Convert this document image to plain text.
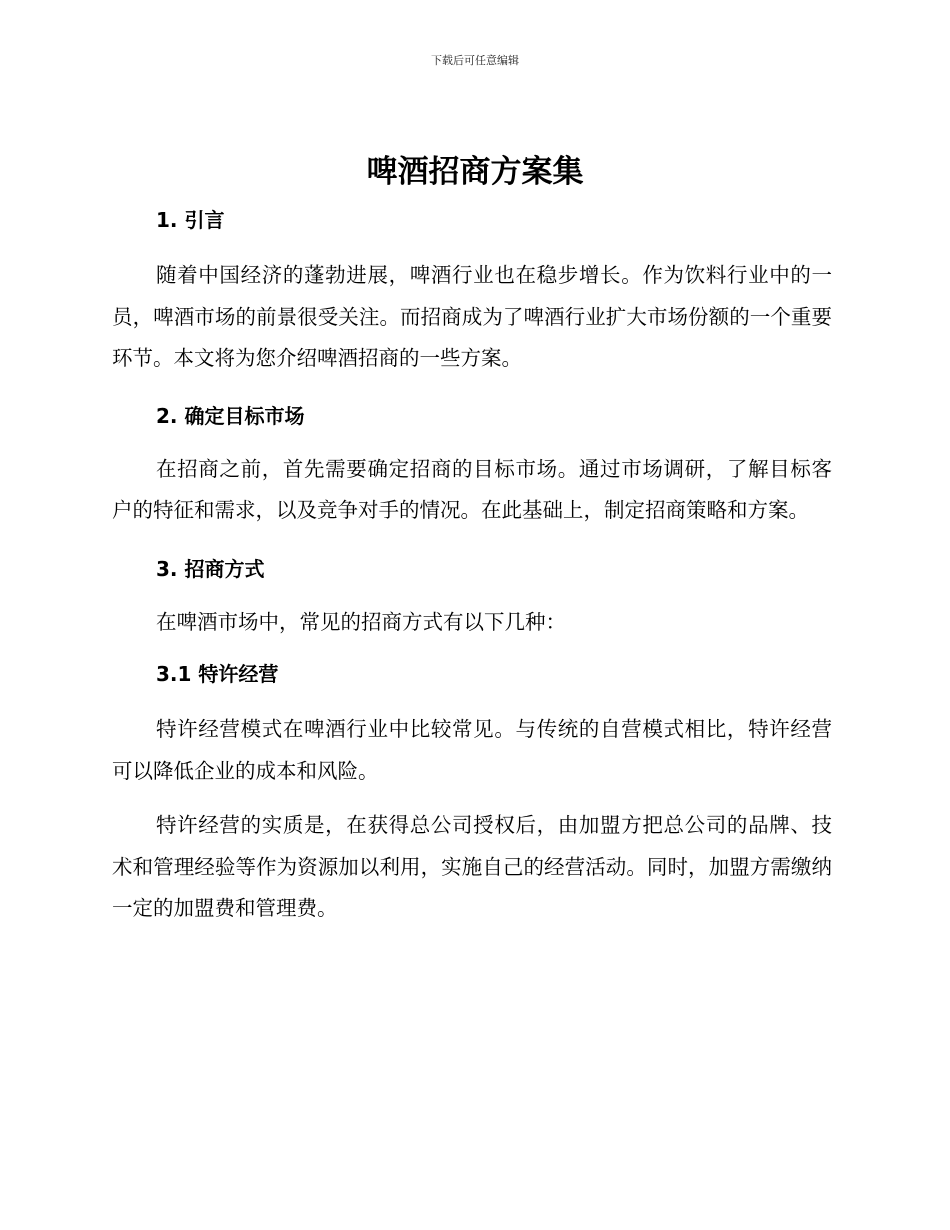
下载后可任意编辑
啤酒招商方案集
1. 引言

随着中国经济的蓬勃进展，啤酒行业也在稳步增长。作为饮料行业中的一员，啤酒市场的前景很受关注。而招商成为了啤酒行业扩大市场份额的一个重要环节。本文将为您介绍啤酒招商的一些方案。

2. 确定目标市场

在招商之前，首先需要确定招商的目标市场。通过市场调研，了解目标客户的特征和需求，以及竞争对手的情况。在此基础上，制定招商策略和方案。

3. 招商方式

在啤酒市场中，常见的招商方式有以下几种：

3.1 特许经营

特许经营模式在啤酒行业中比较常见。与传统的自营模式相比，特许经营可以降低企业的成本和风险。

特许经营的实质是，在获得总公司授权后，由加盟方把总公司的品牌、技术和管理经验等作为资源加以利用，实施自己的经营活动。同时，加盟方需缴纳一定的加盟费和管理费。
